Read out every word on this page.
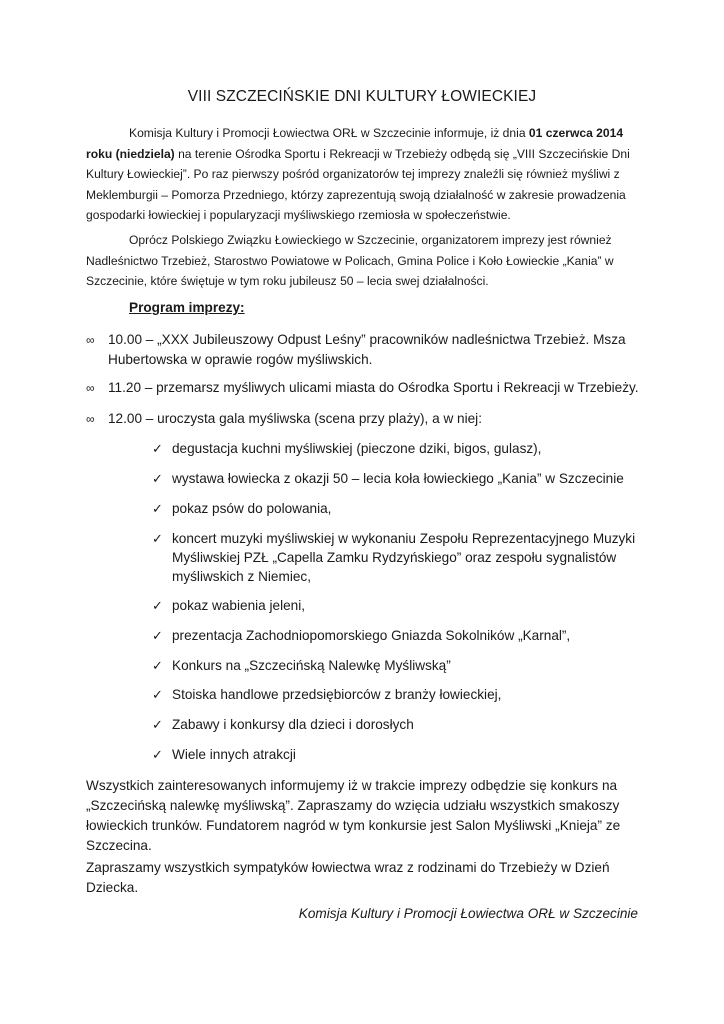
VIII SZCZECIŃSKIE DNI KULTURY ŁOWIECKIEJ

Komisja Kultury i Promocji Łowiectwa ORŁ w Szczecinie informuje, iż dnia 01 czerwca 2014 roku (niedziela) na terenie Ośrodka Sportu i Rekreacji w Trzebieży odbędą się „VIII Szczecińskie Dni Kultury Łowieckiej”. Po raz pierwszy pośród organizatorów tej imprezy znaleźli się również myśliwi z Meklemburgii – Pomorza Przedniego, którzy zaprezentują swoją działalność w zakresie prowadzenia gospodarki łowieckiej i popularyzacji myśliwskiego rzemiosła w społeczeństwie.

Oprócz Polskiego Związku Łowieckiego w Szczecinie, organizatorem imprezy jest również Nadleśnictwo Trzebież, Starostwo Powiatowe w Policach, Gmina Police i Koło Łowieckie „Kania” w Szczecinie, które świętuje w tym roku jubileusz 50 – lecia swej działalności.

Program imprezy:

∞ 10.00 – „XXX Jubileuszowy Odpust Leśny” pracowników nadleśnictwa Trzebież. Msza Hubertowska w oprawie rogów myśliwskich.
∞ 11.20 – przemarsz myśliwych ulicami miasta do Ośrodka Sportu i Rekreacji w Trzebieży.
∞ 12.00 – uroczysta gala myśliwska (scena przy plaży), a w niej:
✓ degustacja kuchni myśliwskiej (pieczone dziki, bigos, gulasz),
✓ wystawa łowiecka z okazji 50 – lecia koła łowieckiego „Kania” w Szczecinie
✓ pokaz psów do polowania,
✓ koncert muzyki myśliwskiej w wykonaniu Zespołu Reprezentacyjnego Muzyki Myśliwskiej PZŁ „Capella Zamku Rydzyńskiego” oraz zespołu sygnalistów myśliwskich z Niemiec,
✓ pokaz wabienia jeleni,
✓ prezentacja Zachodniopomorskiego Gniazda Sokolników „Karnal”,
✓ Konkurs na „Szczecińską Nalewkę Myśliwską”
✓ Stoiska handlowe przedsiębiorców z branży łowieckiej,
✓ Zabawy i konkursy dla dzieci i dorosłych
✓ Wiele innych atrakcji

Wszystkich zainteresowanych informujemy iż w trakcie imprezy odbędzie się konkurs na „Szczecińską nalewkę myśliwską”. Zapraszamy do wzięcia udziału wszystkich smakoszy łowieckich trunków. Fundatorem nagród w tym konkursie jest Salon Myśliwski „Knieja” ze Szczecina.

Zapraszamy wszystkich sympatyków łowiectwa wraz z rodzinami do Trzebieży w Dzień Dziecka.

Komisja Kultury i Promocji Łowiectwa ORŁ w Szczecinie
